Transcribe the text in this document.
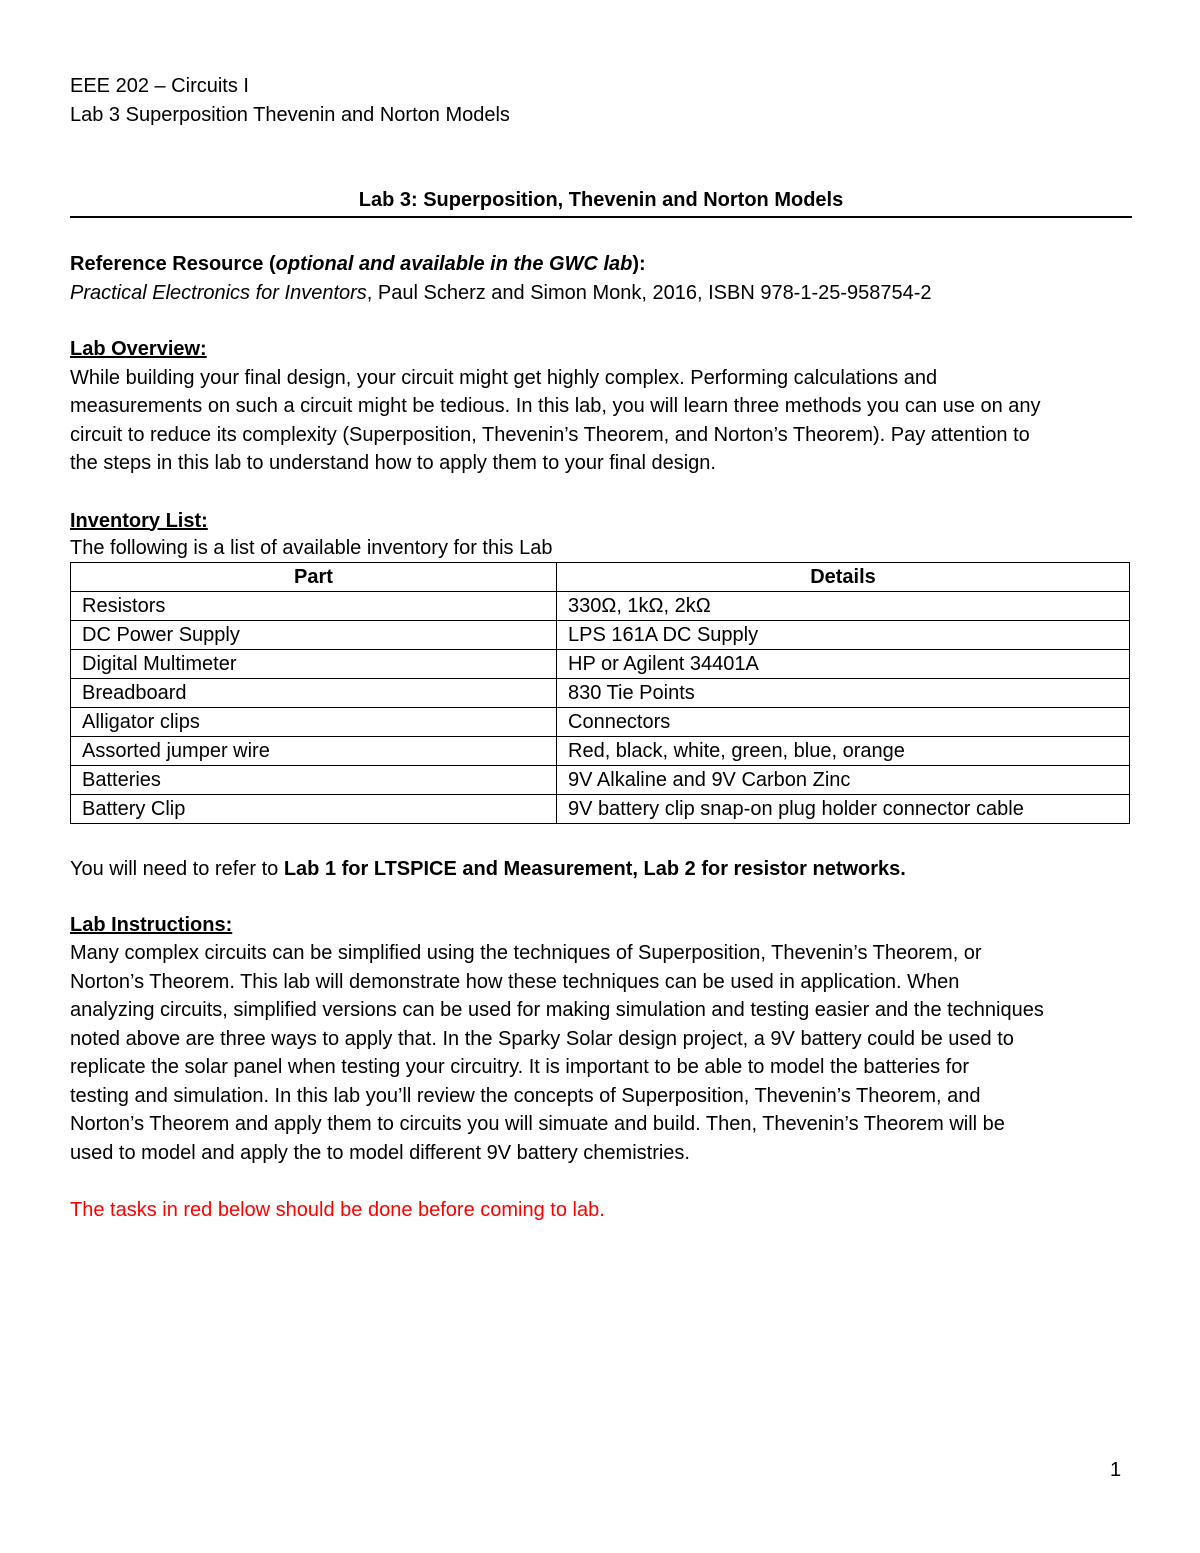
EEE 202 – Circuits I
Lab 3 Superposition Thevenin and Norton Models
Lab 3: Superposition, Thevenin and Norton Models
Reference Resource (optional and available in the GWC lab):
Practical Electronics for Inventors, Paul Scherz and Simon Monk, 2016, ISBN 978-1-25-958754-2
Lab Overview:
While building your final design, your circuit might get highly complex. Performing calculations and
measurements on such a circuit might be tedious. In this lab, you will learn three methods you can use on any
circuit to reduce its complexity (Superposition, Thevenin’s Theorem, and Norton’s Theorem). Pay attention to
the steps in this lab to understand how to apply them to your final design.
Inventory List:
The following is a list of available inventory for this Lab
Part	Details
Resistors	330Ω, 1kΩ, 2kΩ
DC Power Supply	LPS 161A DC Supply
Digital Multimeter	HP or Agilent 34401A
Breadboard	830 Tie Points
Alligator clips	Connectors
Assorted jumper wire	Red, black, white, green, blue, orange
Batteries	9V Alkaline and 9V Carbon Zinc
Battery Clip	9V battery clip snap-on plug holder connector cable
You will need to refer to Lab 1 for LTSPICE and Measurement, Lab 2 for resistor networks.
Lab Instructions:
Many complex circuits can be simplified using the techniques of Superposition, Thevenin’s Theorem, or
Norton’s Theorem. This lab will demonstrate how these techniques can be used in application. When
analyzing circuits, simplified versions can be used for making simulation and testing easier and the techniques
noted above are three ways to apply that. In the Sparky Solar design project, a 9V battery could be used to
replicate the solar panel when testing your circuitry. It is important to be able to model the batteries for
testing and simulation. In this lab you’ll review the concepts of Superposition, Thevenin’s Theorem, and
Norton’s Theorem and apply them to circuits you will simuate and build. Then, Thevenin’s Theorem will be
used to model and apply the to model different 9V battery chemistries.
The tasks in red below should be done before coming to lab.
1
